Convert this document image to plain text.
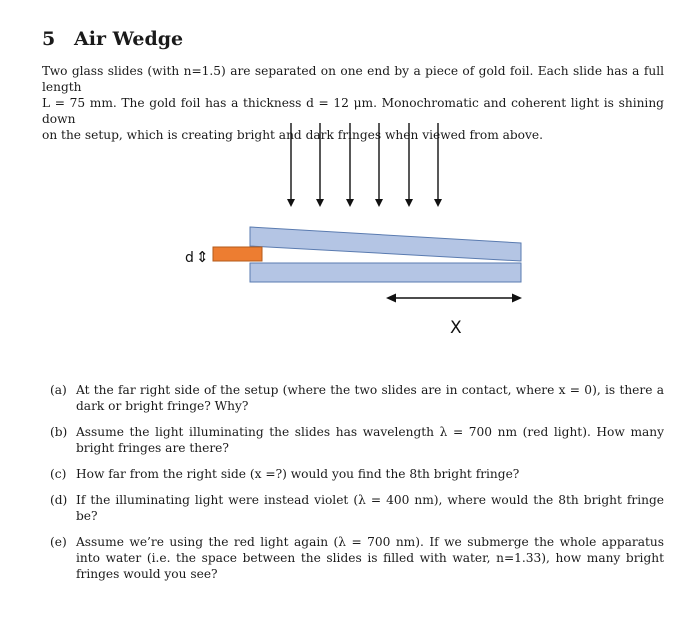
5 Air Wedge

Two glass slides (with n=1.5) are separated on one end by a piece of gold foil. Each slide has a full length

L = 75 mm. The gold foil has a thickness d = 12 μm. Monochromatic and coherent light is shining down

on the setup, which is creating bright and dark fringes when viewed from above.

d ⇕
X
(a) At the far right side of the setup (where the two slides are in contact, where x = 0), is there a dark or bright fringe? Why?
(b) Assume the light illuminating the slides has wavelength λ = 700 nm (red light). How many bright fringes are there?
(c) How far from the right side (x =?) would you find the 8th bright fringe?
(d) If the illuminating light were instead violet (λ = 400 nm), where would the 8th bright fringe be?
(e) Assume we’re using the red light again (λ = 700 nm). If we submerge the whole apparatus into water (i.e. the space between the slides is filled with water, n=1.33), how many bright fringes would you see?
